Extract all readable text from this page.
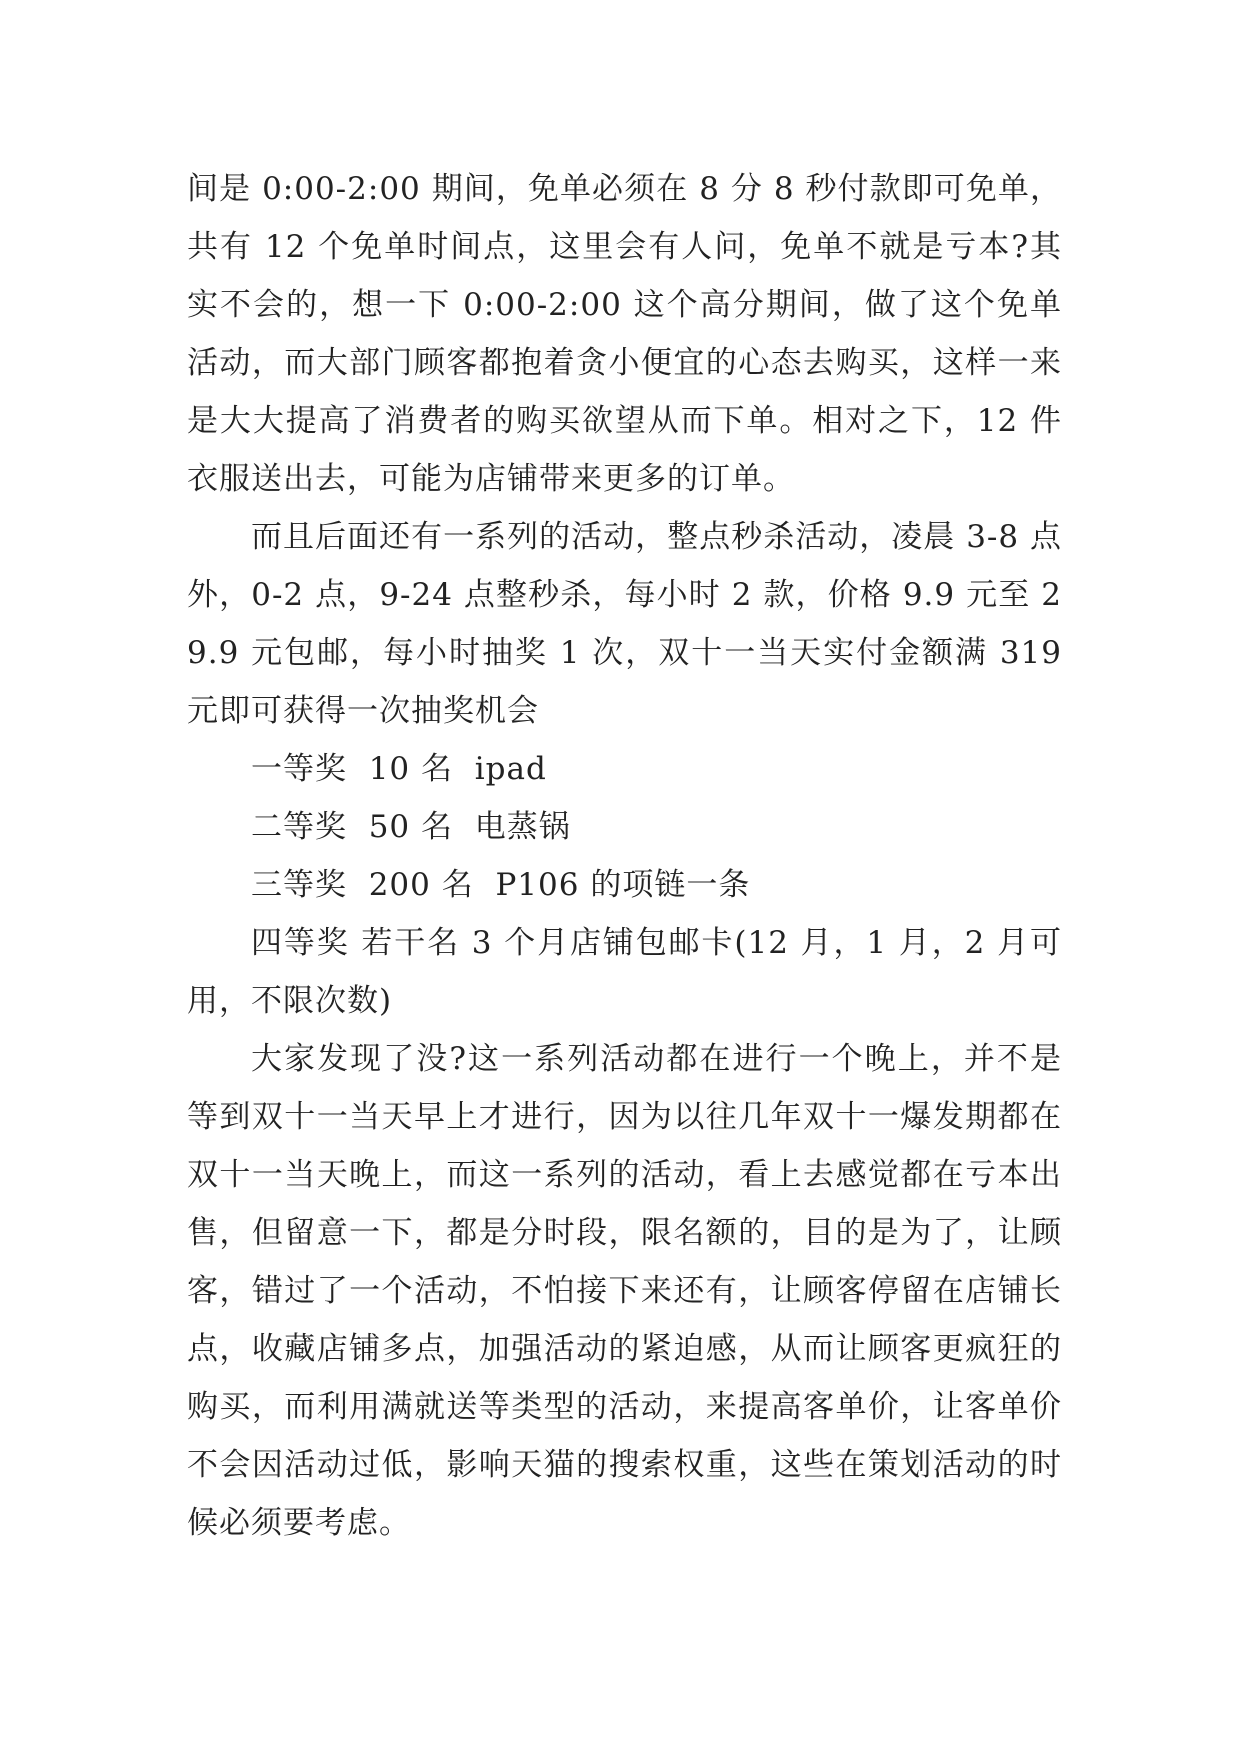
间是 0:00-2:00 期间，免单必须在 8 分 8 秒付款即可免单，共有 12 个免单时间点，这里会有人问，免单不就是亏本?其实不会的，想一下 0:00-2:00 这个高分期间，做了这个免单活动，而大部门顾客都抱着贪小便宜的心态去购买，这样一来是大大提高了消费者的购买欲望从而下单。相对之下，12 件衣服送出去，可能为店铺带来更多的订单。

而且后面还有一系列的活动，整点秒杀活动，凌晨 3-8 点外，0-2 点，9-24 点整秒杀，每小时 2 款，价格 9.9 元至 29.9 元包邮，每小时抽奖 1 次，双十一当天实付金额满 319 元即可获得一次抽奖机会

一等奖  10 名  ipad

二等奖  50 名  电蒸锅

三等奖  200 名  P106 的项链一条

四等奖 若干名 3 个月店铺包邮卡(12 月，1 月，2 月可用，不限次数)

大家发现了没?这一系列活动都在进行一个晚上，并不是等到双十一当天早上才进行，因为以往几年双十一爆发期都在双十一当天晚上，而这一系列的活动，看上去感觉都在亏本出售，但留意一下，都是分时段，限名额的，目的是为了，让顾客，错过了一个活动，不怕接下来还有，让顾客停留在店铺长点，收藏店铺多点，加强活动的紧迫感，从而让顾客更疯狂的购买，而利用满就送等类型的活动，来提高客单价，让客单价不会因活动过低，影响天猫的搜索权重，这些在策划活动的时候必须要考虑。
